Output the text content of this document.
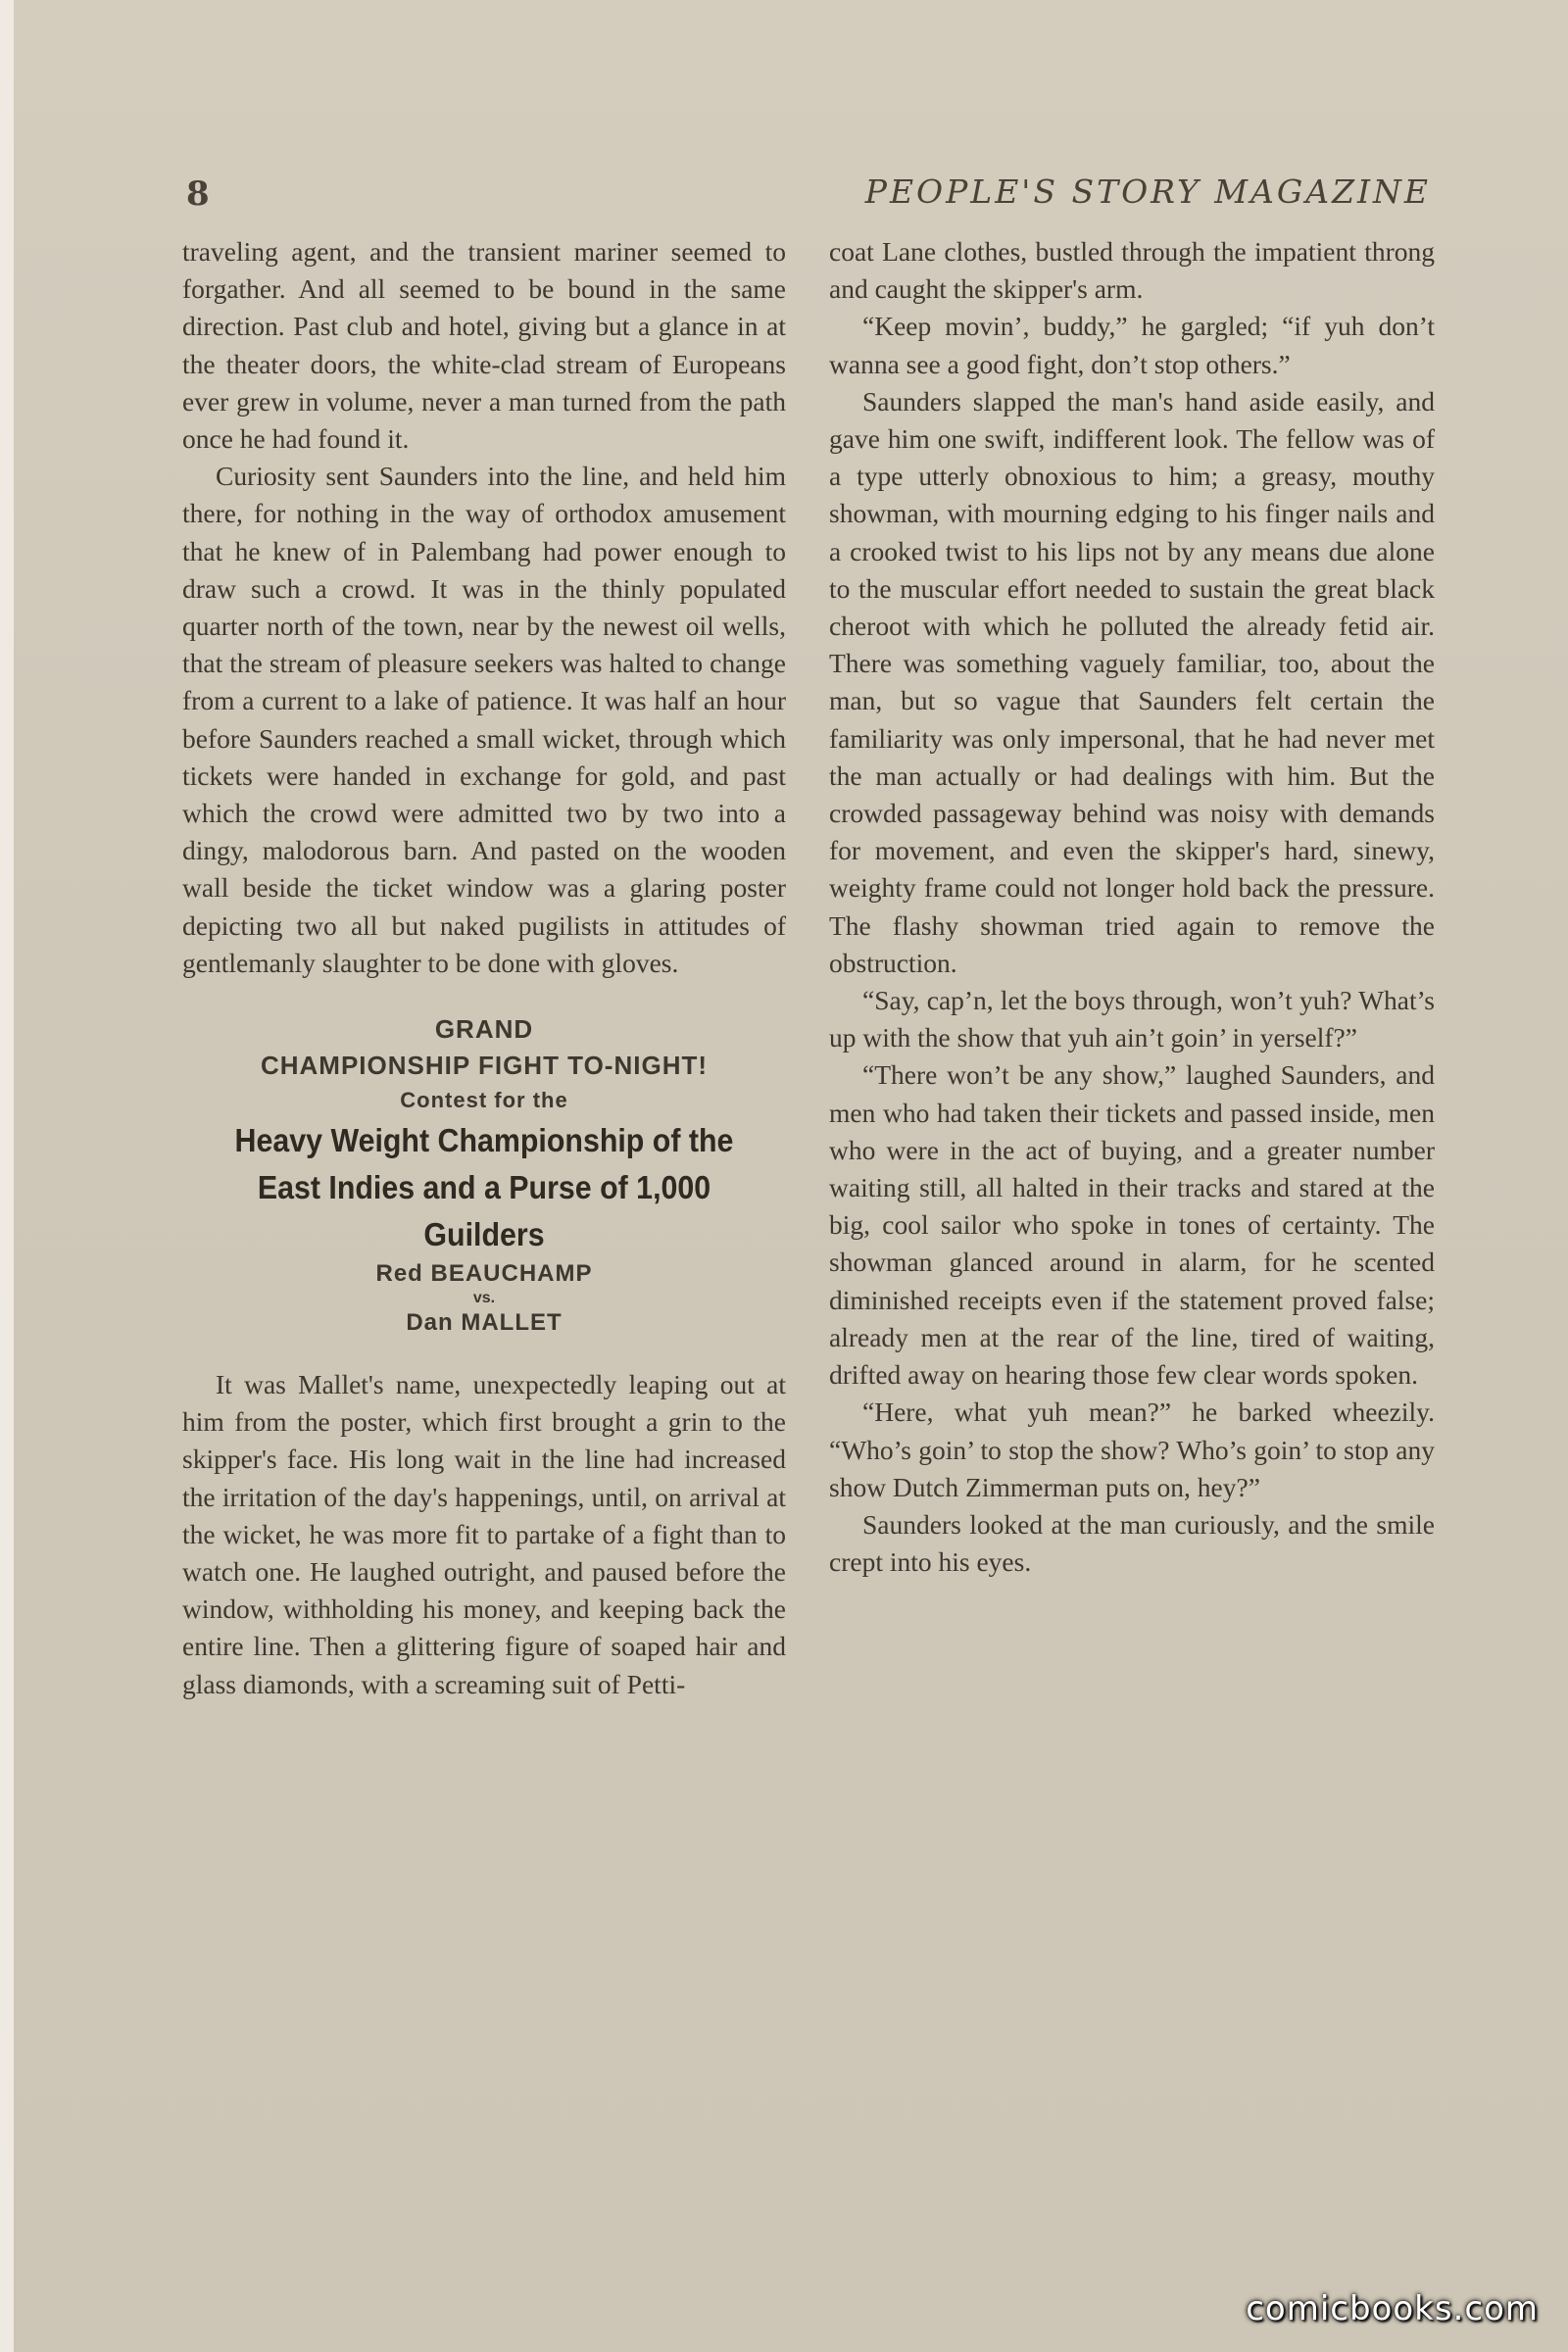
8	PEOPLE'S STORY MAGAZINE

traveling agent, and the transient mariner seemed to forgather. And all seemed to be bound in the same direction. Past club and hotel, giving but a glance in at the theater doors, the white-clad stream of Europeans ever grew in volume, never a man turned from the path once he had found it.

Curiosity sent Saunders into the line, and held him there, for nothing in the way of orthodox amusement that he knew of in Palembang had power enough to draw such a crowd. It was in the thinly populated quarter north of the town, near by the newest oil wells, that the stream of pleasure seekers was halted to change from a current to a lake of patience. It was half an hour before Saunders reached a small wicket, through which tickets were handed in exchange for gold, and past which the crowd were admitted two by two into a dingy, malodorous barn. And pasted on the wooden wall beside the ticket window was a glaring poster depicting two all but naked pugilists in attitudes of gentlemanly slaughter to be done with gloves.

GRAND
CHAMPIONSHIP FIGHT TO-NIGHT!
Contest for the
Heavy Weight Championship of the East Indies and a Purse of 1,000 Guilders
Red BEAUCHAMP
vs.
Dan MALLET

It was Mallet's name, unexpectedly leaping out at him from the poster, which first brought a grin to the skipper's face. His long wait in the line had increased the irritation of the day's happenings, until, on arrival at the wicket, he was more fit to partake of a fight than to watch one. He laughed outright, and paused before the window, withholding his money, and keeping back the entire line. Then a glittering figure of soaped hair and glass diamonds, with a screaming suit of Petti-

coat Lane clothes, bustled through the impatient throng and caught the skipper's arm.

“Keep movin’, buddy,” he gargled; “if yuh don’t wanna see a good fight, don’t stop others.”

Saunders slapped the man's hand aside easily, and gave him one swift, indifferent look. The fellow was of a type utterly obnoxious to him; a greasy, mouthy showman, with mourning edging to his finger nails and a crooked twist to his lips not by any means due alone to the muscular effort needed to sustain the great black cheroot with which he polluted the already fetid air. There was something vaguely familiar, too, about the man, but so vague that Saunders felt certain the familiarity was only impersonal, that he had never met the man actually or had dealings with him. But the crowded passageway behind was noisy with demands for movement, and even the skipper's hard, sinewy, weighty frame could not longer hold back the pressure. The flashy showman tried again to remove the obstruction.

“Say, cap’n, let the boys through, won’t yuh? What’s up with the show that yuh ain’t goin’ in yerself?”

“There won’t be any show,” laughed Saunders, and men who had taken their tickets and passed inside, men who were in the act of buying, and a greater number waiting still, all halted in their tracks and stared at the big, cool sailor who spoke in tones of certainty. The showman glanced around in alarm, for he scented diminished receipts even if the statement proved false; already men at the rear of the line, tired of waiting, drifted away on hearing those few clear words spoken.

“Here, what yuh mean?” he barked wheezily. “Who’s goin’ to stop the show? Who’s goin’ to stop any show Dutch Zimmerman puts on, hey?”

Saunders looked at the man curiously, and the smile crept into his eyes.

comicbooks.com
